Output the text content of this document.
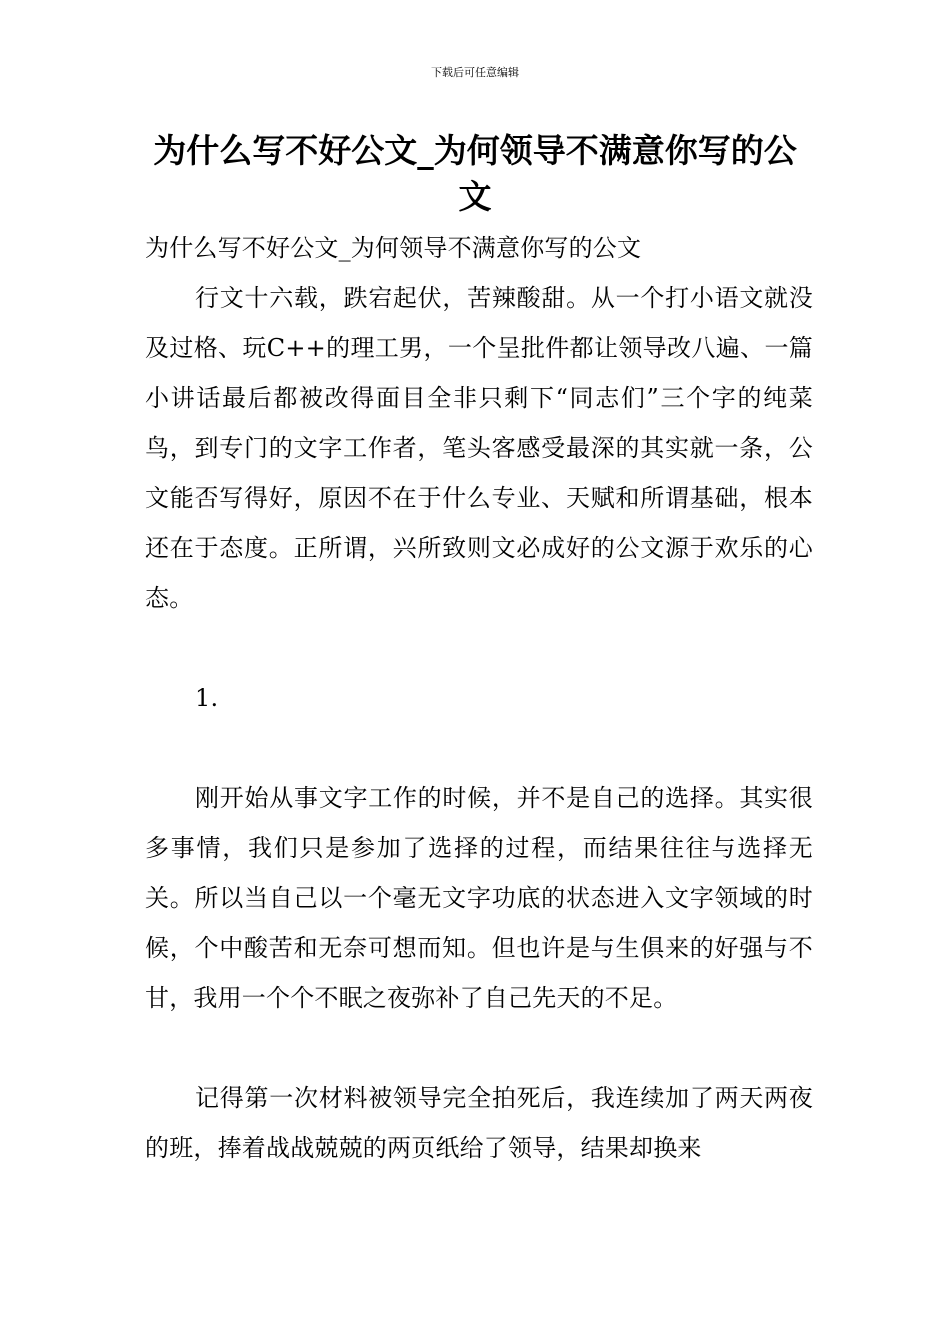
下载后可任意编辑
为什么写不好公文_为何领导不满意你写的公文

为什么写不好公文_为何领导不满意你写的公文

行文十六载，跌宕起伏，苦辣酸甜。从一个打小语文就没及过格、玩C++的理工男，一个呈批件都让领导改八遍、一篇小讲话最后都被改得面目全非只剩下“同志们”三个字的纯菜鸟，到专门的文字工作者，笔头客感受最深的其实就一条，公文能否写得好，原因不在于什么专业、天赋和所谓基础，根本还在于态度。正所谓，兴所致则文必成好的公文源于欢乐的心态。

1.

刚开始从事文字工作的时候，并不是自己的选择。其实很多事情，我们只是参加了选择的过程，而结果往往与选择无关。所以当自己以一个毫无文字功底的状态进入文字领域的时候，个中酸苦和无奈可想而知。但也许是与生俱来的好强与不甘，我用一个个不眠之夜弥补了自己先天的不足。

记得第一次材料被领导完全拍死后，我连续加了两天两夜的班，捧着战战兢兢的两页纸给了领导，结果却换来
